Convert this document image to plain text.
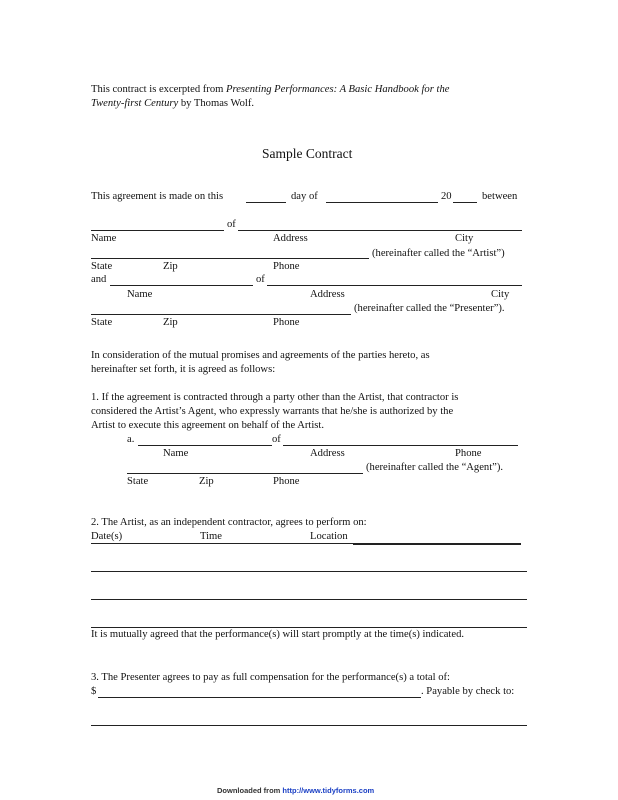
This contract is excerpted from Presenting Performances: A Basic Handbook for the
Twenty-first Century by Thomas Wolf.
Sample Contract
This agreement is made on this	day of	20	between
of
Name	Address	City
(hereinafter called the “Artist”)
State	Zip	Phone
and	of
Name	Address	City
(hereinafter called the “Presenter”).
State	Zip	Phone
In consideration of the mutual promises and agreements of the parties hereto, as
hereinafter set forth, it is agreed as follows:
1. If the agreement is contracted through a party other than the Artist, that contractor is
considered the Artist’s Agent, who expressly warrants that he/she is authorized by the
Artist to execute this agreement on behalf of the Artist.
a.	of
Name	Address	Phone
(hereinafter called the “Agent”).
State	Zip	Phone
2. The Artist, as an independent contractor, agrees to perform on:
Date(s)	Time	Location
It is mutually agreed that the performance(s) will start promptly at the time(s) indicated.
3. The Presenter agrees to pay as full compensation for the performance(s) a total of:
$	. Payable by check to:
Downloaded from http://www.tidyforms.com
